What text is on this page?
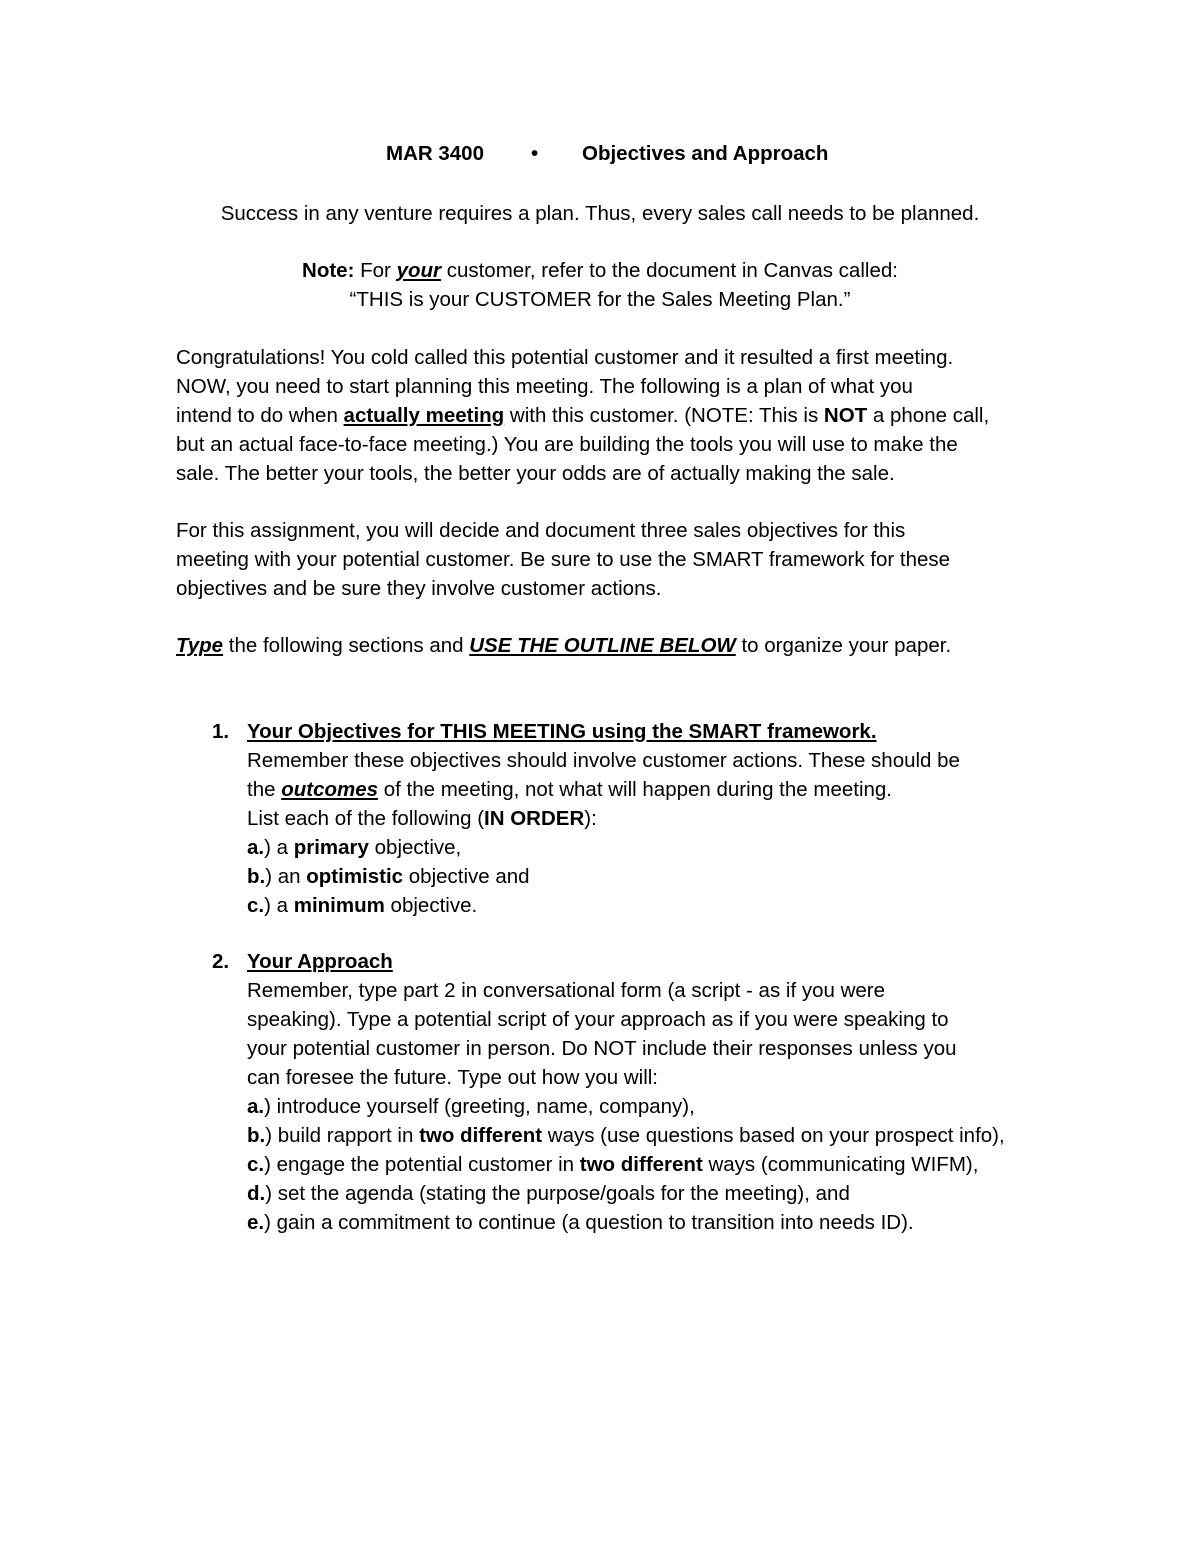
MAR 3400 • Objectives and Approach
Success in any venture requires a plan. Thus, every sales call needs to be planned.
Note: For your customer, refer to the document in Canvas called:
“THIS is your CUSTOMER for the Sales Meeting Plan.”
Congratulations! You cold called this potential customer and it resulted a first meeting.
NOW, you need to start planning this meeting. The following is a plan of what you
intend to do when actually meeting with this customer. (NOTE: This is NOT a phone call,
but an actual face-to-face meeting.) You are building the tools you will use to make the
sale. The better your tools, the better your odds are of actually making the sale.
For this assignment, you will decide and document three sales objectives for this
meeting with your potential customer. Be sure to use the SMART framework for these
objectives and be sure they involve customer actions.
Type the following sections and USE THE OUTLINE BELOW to organize your paper.
1. Your Objectives for THIS MEETING using the SMART framework.
Remember these objectives should involve customer actions. These should be
the outcomes of the meeting, not what will happen during the meeting.
List each of the following (IN ORDER):
a.) a primary objective,
b.) an optimistic objective and
c.) a minimum objective.
2. Your Approach
Remember, type part 2 in conversational form (a script - as if you were
speaking). Type a potential script of your approach as if you were speaking to
your potential customer in person. Do NOT include their responses unless you
can foresee the future. Type out how you will:
a.) introduce yourself (greeting, name, company),
b.) build rapport in two different ways (use questions based on your prospect info),
c.) engage the potential customer in two different ways (communicating WIFM),
d.) set the agenda (stating the purpose/goals for the meeting), and
e.) gain a commitment to continue (a question to transition into needs ID).
